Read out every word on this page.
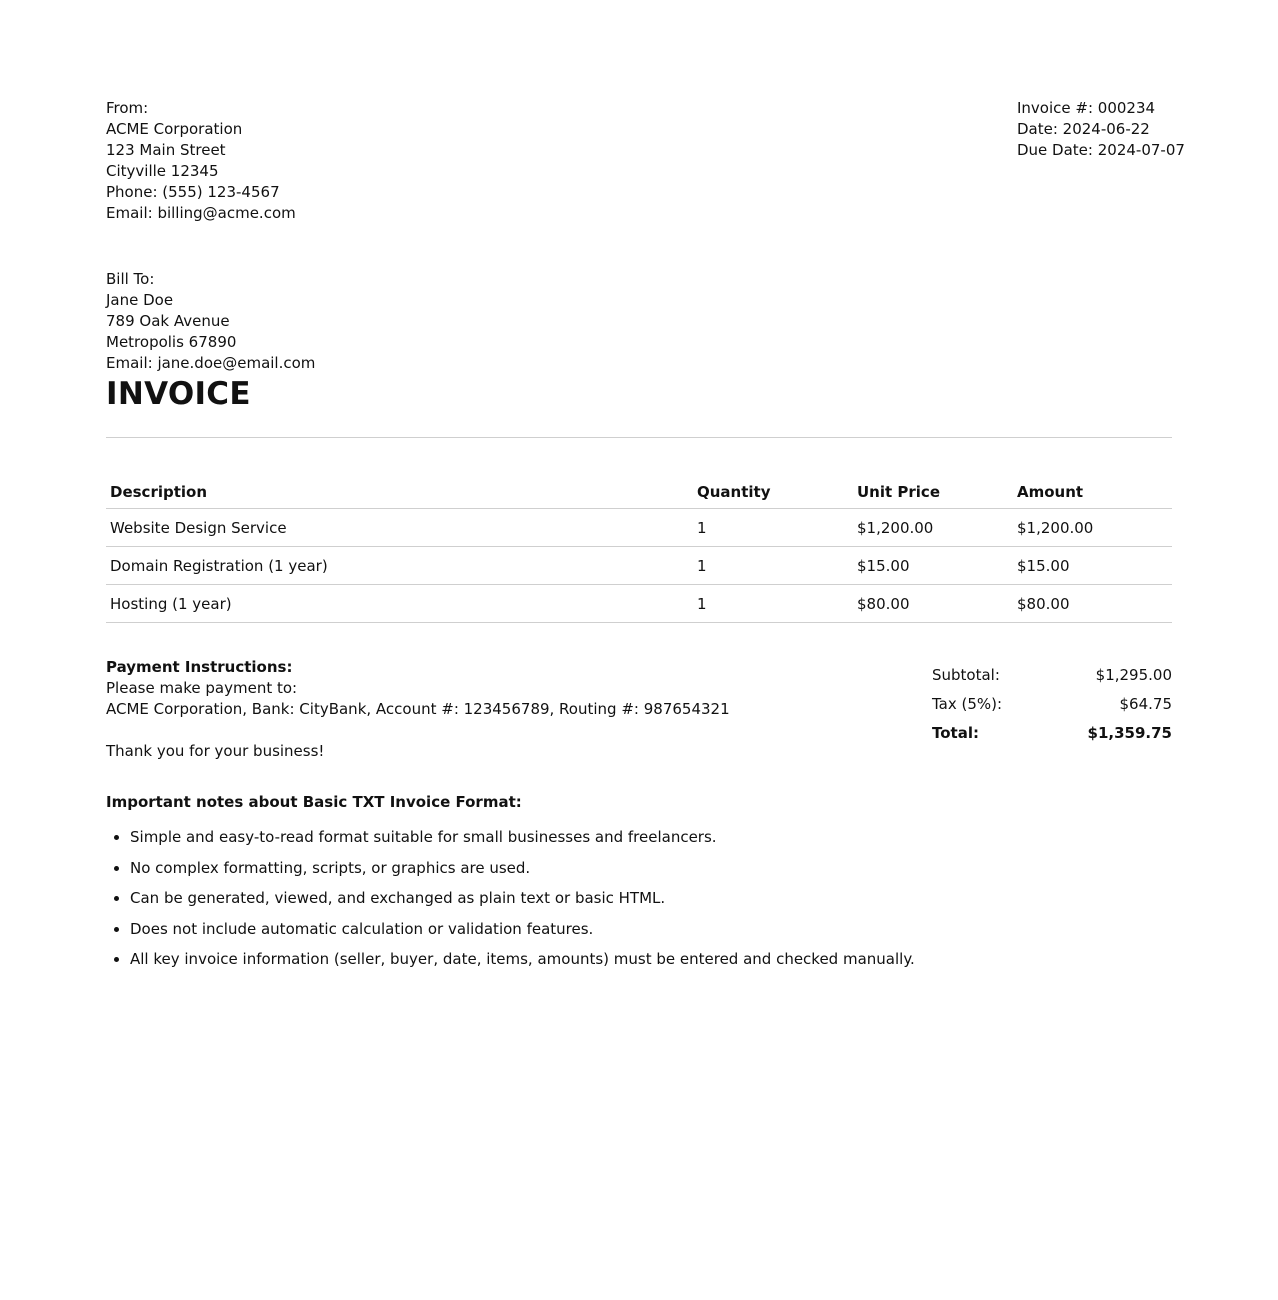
From:
ACME Corporation
123 Main Street
Cityville 12345
Phone: (555) 123-4567
Email: billing@acme.com
Invoice #: 000234
Date: 2024-06-22
Due Date: 2024-07-07
Bill To:
Jane Doe
789 Oak Avenue
Metropolis 67890
Email: jane.doe@email.com
INVOICE
Description	Quantity	Unit Price	Amount
Website Design Service	1	$1,200.00	$1,200.00
Domain Registration (1 year)	1	$15.00	$15.00
Hosting (1 year)	1	$80.00	$80.00
Payment Instructions:
Please make payment to:
ACME Corporation, Bank: CityBank, Account #: 123456789, Routing #: 987654321
Thank you for your business!
Subtotal:	$1,295.00
Tax (5%):	$64.75
Total:	$1,359.75
Important notes about Basic TXT Invoice Format:
• Simple and easy-to-read format suitable for small businesses and freelancers.
• No complex formatting, scripts, or graphics are used.
• Can be generated, viewed, and exchanged as plain text or basic HTML.
• Does not include automatic calculation or validation features.
• All key invoice information (seller, buyer, date, items, amounts) must be entered and checked manually.
